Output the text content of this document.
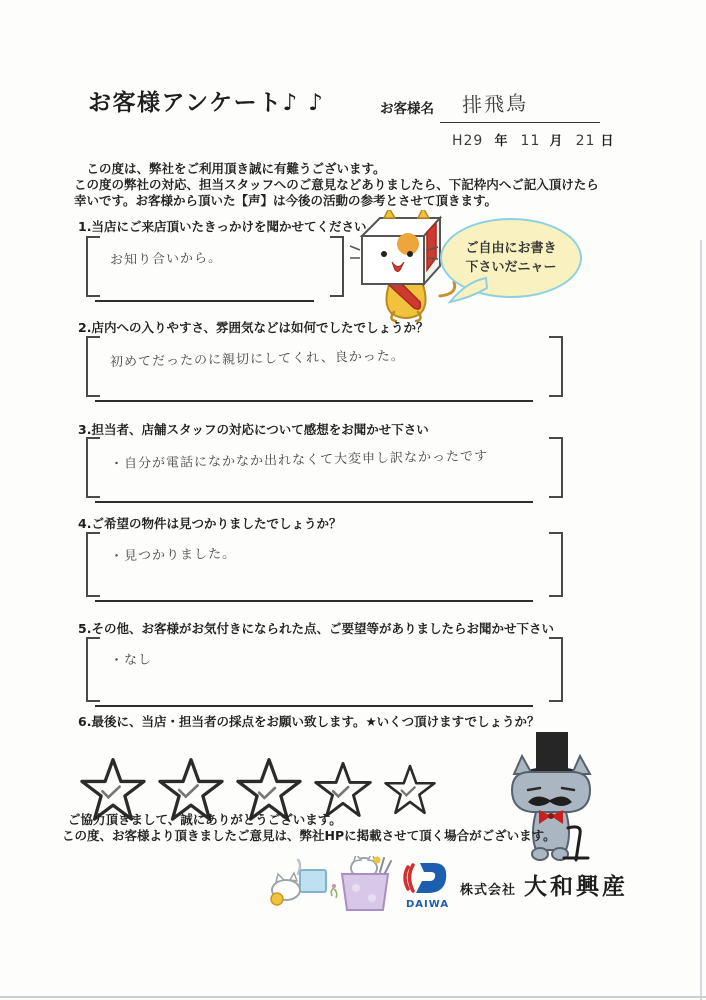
お客様アンケート♪ ♪	お客様名 排飛鳥
H29 年 11 月 21 日
　この度は、弊社をご利用頂き誠に有難うございます。
この度の弊社の対応、担当スタッフへのご意見などありましたら、下記枠内へご記入頂けたら
幸いです。お客様から頂いた【声】は今後の活動の参考とさせて頂きます。
1.当店にご来店頂いたきっかけを聞かせてください
お知り合いから。
ご自由にお書き
下さいだニャー
2.店内への入りやすさ、雰囲気などは如何でしたでしょうか？
初めてだったのに親切にしてくれ、良かった。
3.担当者、店舗スタッフの対応について感想をお聞かせ下さい
・自分が電話になかなか出れなくて大変申し訳なかったです
4.ご希望の物件は見つかりましたでしょうか？
・見つかりました。
5.その他、お客様がお気付きになられた点、ご要望等がありましたらお聞かせ下さい
・なし
6.最後に、当店・担当者の採点をお願い致します。★いくつ頂けますでしょうか？
ご協力頂きまして、誠にありがとうございます。
この度、お客様より頂きましたご意見は、弊社HPに掲載させて頂く場合がございます。
DAIWA
株式会社 大和興産
